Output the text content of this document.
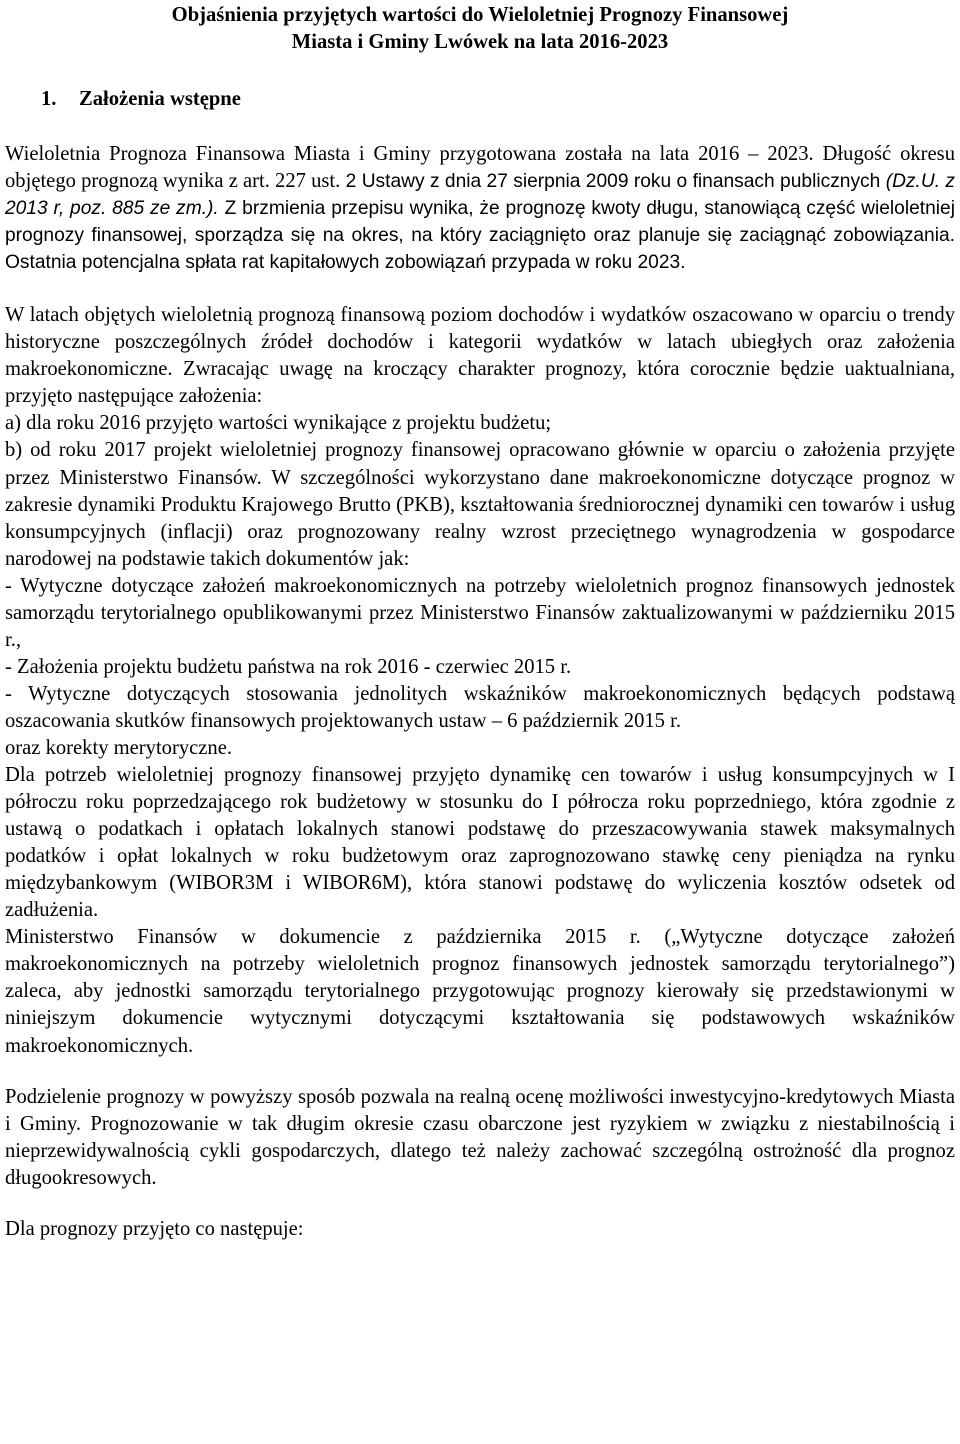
Objaśnienia przyjętych wartości do Wieloletniej Prognozy Finansowej
Miasta i Gminy Lwówek na lata 2016-2023
1. Założenia wstępne

Wieloletnia Prognoza Finansowa Miasta i Gminy przygotowana została na lata 2016 – 2023. Długość okresu objętego prognozą wynika z art. 227 ust. 2 Ustawy z dnia 27 sierpnia 2009 roku o finansach publicznych (Dz.U. z 2013 r, poz. 885 ze zm.). Z brzmienia przepisu wynika, że prognozę kwoty długu, stanowiącą część wieloletniej prognozy finansowej, sporządza się na okres, na który zaciągnięto oraz planuje się zaciągnąć zobowiązania. Ostatnia potencjalna spłata rat kapitałowych zobowiązań przypada w roku 2023.

W latach objętych wieloletnią prognozą finansową poziom dochodów i wydatków oszacowano w oparciu o trendy historyczne poszczególnych źródeł dochodów i kategorii wydatków w latach ubiegłych oraz założenia makroekonomiczne. Zwracając uwagę na kroczący charakter prognozy, która corocznie będzie uaktualniana, przyjęto następujące założenia:

a) dla roku 2016 przyjęto wartości wynikające z projektu budżetu;

b) od roku 2017 projekt wieloletniej prognozy finansowej opracowano głównie w oparciu o założenia przyjęte przez Ministerstwo Finansów. W szczególności wykorzystano dane makroekonomiczne dotyczące prognoz w zakresie dynamiki Produktu Krajowego Brutto (PKB), kształtowania średniorocznej dynamiki cen towarów i usług konsumpcyjnych (inflacji) oraz prognozowany realny wzrost przeciętnego wynagrodzenia w gospodarce narodowej na podstawie takich dokumentów jak:

- Wytyczne dotyczące założeń makroekonomicznych na potrzeby wieloletnich prognoz finansowych jednostek samorządu terytorialnego opublikowanymi przez Ministerstwo Finansów zaktualizowanymi w październiku 2015 r.,

- Założenia projektu budżetu państwa na rok 2016 - czerwiec 2015 r.

- Wytyczne dotyczących stosowania jednolitych wskaźników makroekonomicznych będących podstawą oszacowania skutków finansowych projektowanych ustaw – 6 październik 2015 r.

oraz korekty merytoryczne.

Dla potrzeb wieloletniej prognozy finansowej przyjęto dynamikę cen towarów i usług konsumpcyjnych w I półroczu roku poprzedzającego rok budżetowy w stosunku do I półrocza roku poprzedniego, która zgodnie z ustawą o podatkach i opłatach lokalnych stanowi podstawę do przeszacowywania stawek maksymalnych podatków i opłat lokalnych w roku budżetowym oraz zaprognozowano stawkę ceny pieniądza na rynku międzybankowym (WIBOR3M i WIBOR6M), która stanowi podstawę do wyliczenia kosztów odsetek od zadłużenia.

Ministerstwo Finansów w dokumencie z października 2015 r. („Wytyczne dotyczące założeń makroekonomicznych na potrzeby wieloletnich prognoz finansowych jednostek samorządu terytorialnego”) zaleca, aby jednostki samorządu terytorialnego przygotowując prognozy kierowały się przedstawionymi w niniejszym dokumencie wytycznymi dotyczącymi kształtowania się podstawowych wskaźników makroekonomicznych.

Podzielenie prognozy w powyższy sposób pozwala na realną ocenę możliwości inwestycyjno-kredytowych Miasta i Gminy. Prognozowanie w tak długim okresie czasu obarczone jest ryzykiem w związku z niestabilnością i nieprzewidywalnością cykli gospodarczych, dlatego też należy zachować szczególną ostrożność dla prognoz długookresowych.

Dla prognozy przyjęto co następuje:
